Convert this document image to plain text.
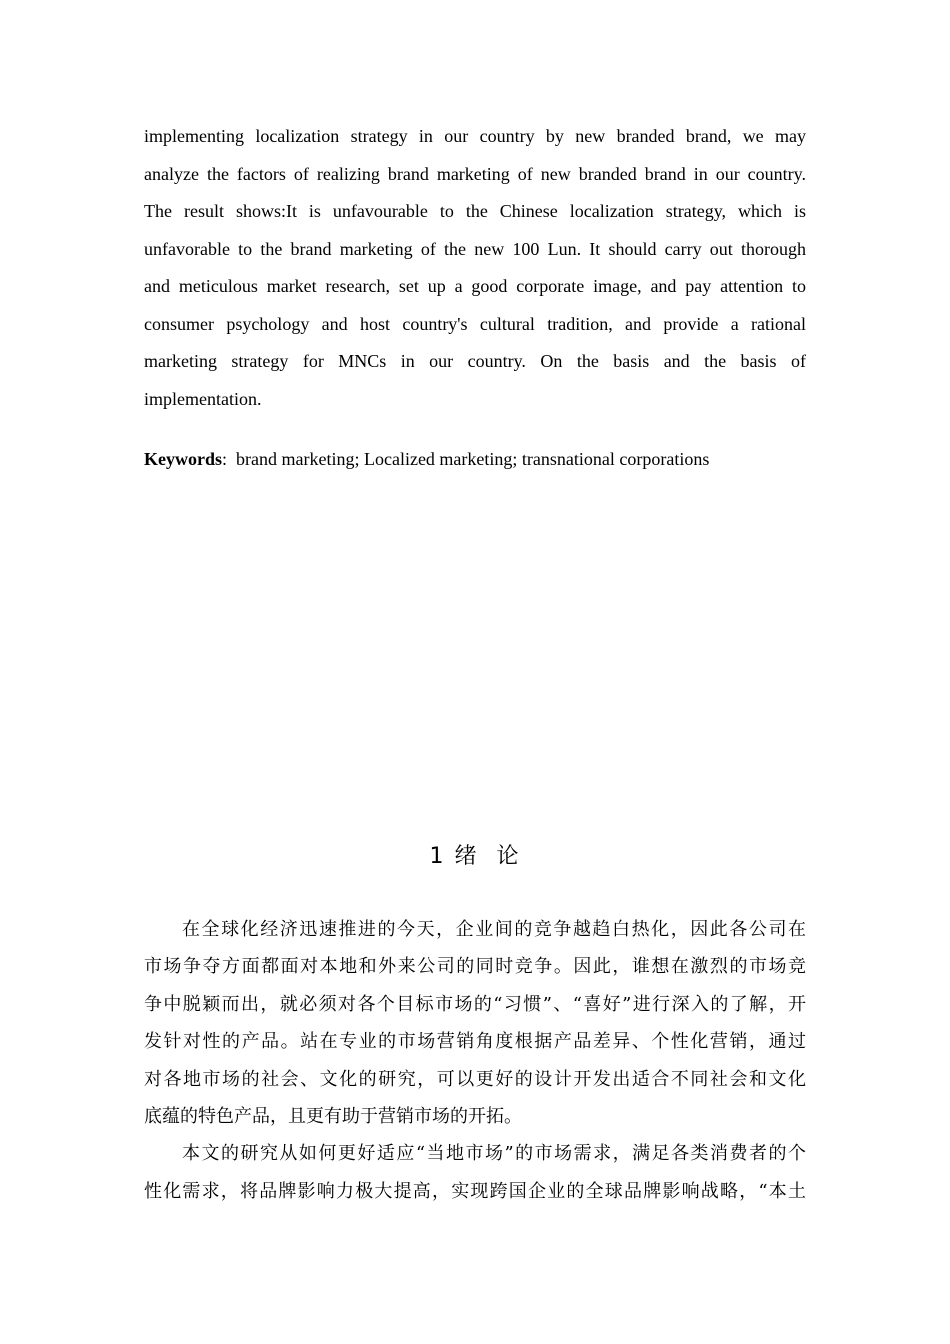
implementing localization strategy in our country by new branded brand, we may
analyze the factors of realizing brand marketing of new branded brand in our country.
The result shows:It is unfavourable to the Chinese localization strategy, which is
unfavorable to the brand marketing of the new 100 Lun. It should carry out thorough
and meticulous market research, set up a good corporate image, and pay attention to
consumer psychology and host country's cultural tradition, and provide a rational
marketing strategy for MNCs in our country. On the basis and the basis of
implementation.
Keywords:  brand marketing; Localized marketing; transnational corporations
1 绪  论
在全球化经济迅速推进的今天，企业间的竞争越趋白热化，因此各公司在
市场争夺方面都面对本地和外来公司的同时竞争。因此，谁想在激烈的市场竞
争中脱颖而出，就必须对各个目标市场的“习惯”、“喜好”进行深入的了解，开
发针对性的产品。站在专业的市场营销角度根据产品差异、个性化营销，通过
对各地市场的社会、文化的研究，可以更好的设计开发出适合不同社会和文化
底蕴的特色产品，且更有助于营销市场的开拓。
本文的研究从如何更好适应“当地市场”的市场需求，满足各类消费者的个
性化需求，将品牌影响力极大提高，实现跨国企业的全球品牌影响战略，“本土
